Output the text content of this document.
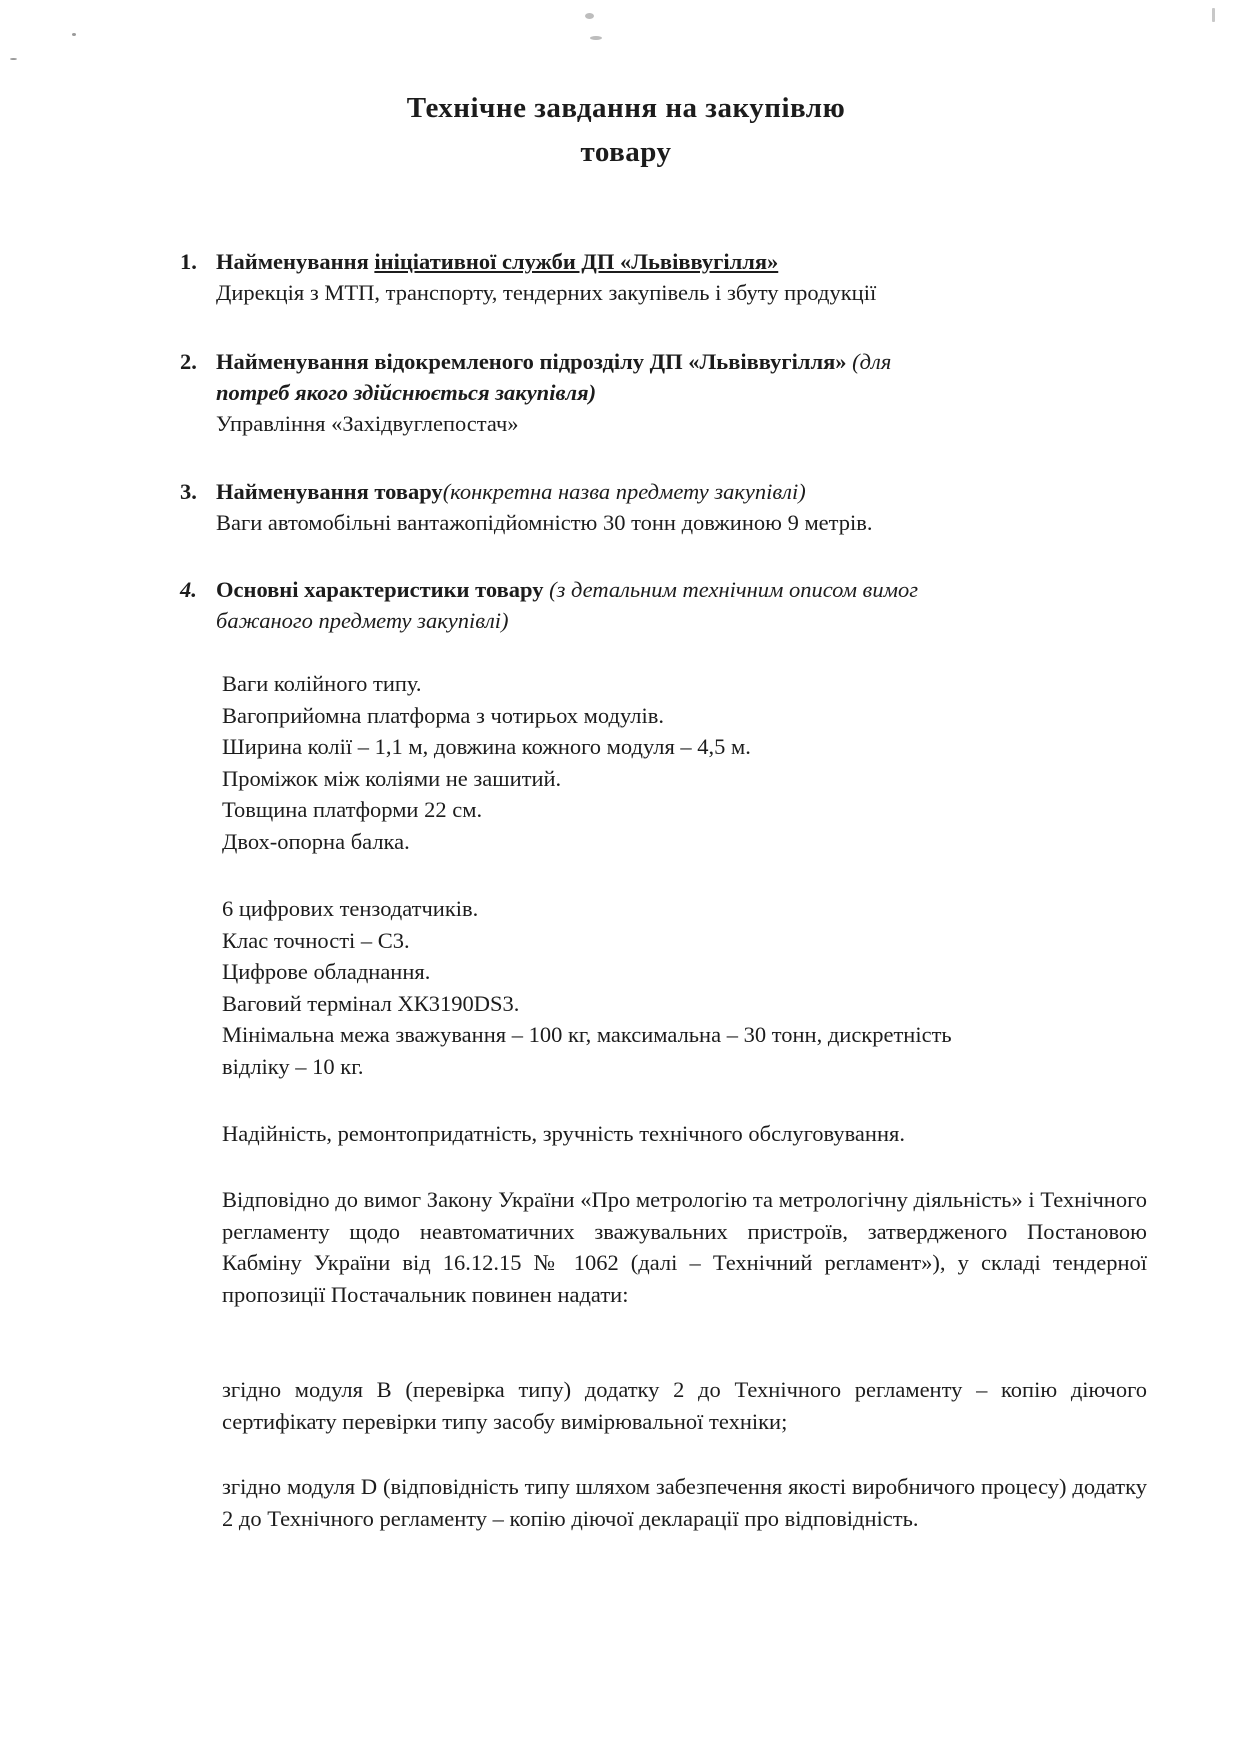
Технічне завдання на закупівлю
товару
1. Найменування ініціативної служби ДП «Львіввугілля»
Дирекція з МТП, транспорту, тендерних закупівель і збуту продукції
2. Найменування відокремленого підрозділу ДП «Львіввугілля» (для
потреб якого здійснюється закупівля)
Управління «Західвуглепостач»
3. Найменування товару(конкретна назва предмету закупівлі)
Ваги автомобільні вантажопідйомністю 30 тонн довжиною 9 метрів.
4. Основні характеристики товару (з детальним технічним описом вимог
бажаного предмету закупівлі)
Ваги колійного типу.
Вагоприйомна платформа з чотирьох модулів.
Ширина колії – 1,1 м, довжина кожного модуля – 4,5 м.
Проміжок між коліями не зашитий.
Товщина платформи 22 см.
Двох-опорна балка.
6 цифрових тензодатчиків.
Клас точності – С3.
Цифрове обладнання.
Ваговий термінал ХК3190DS3.
Мінімальна межа зважування – 100 кг, максимальна – 30 тонн, дискретність
відліку – 10 кг.
Надійність, ремонтопридатність, зручність технічного обслуговування.
Відповідно до вимог Закону України «Про метрологію та метрологічну діяльність» і Технічного регламенту щодо неавтоматичних зважувальних пристроїв, затвердженого Постановою Кабміну України від 16.12.15 № 1062 (далі – Технічний регламент»), у складі тендерної пропозиції Постачальник повинен надати:
згідно модуля В (перевірка типу) додатку 2 до Технічного регламенту – копію діючого сертифікату перевірки типу засобу вимірювальної техніки;
згідно модуля D (відповідність типу шляхом забезпечення якості виробничого процесу) додатку 2 до Технічного регламенту – копію діючої декларації про відповідність.
